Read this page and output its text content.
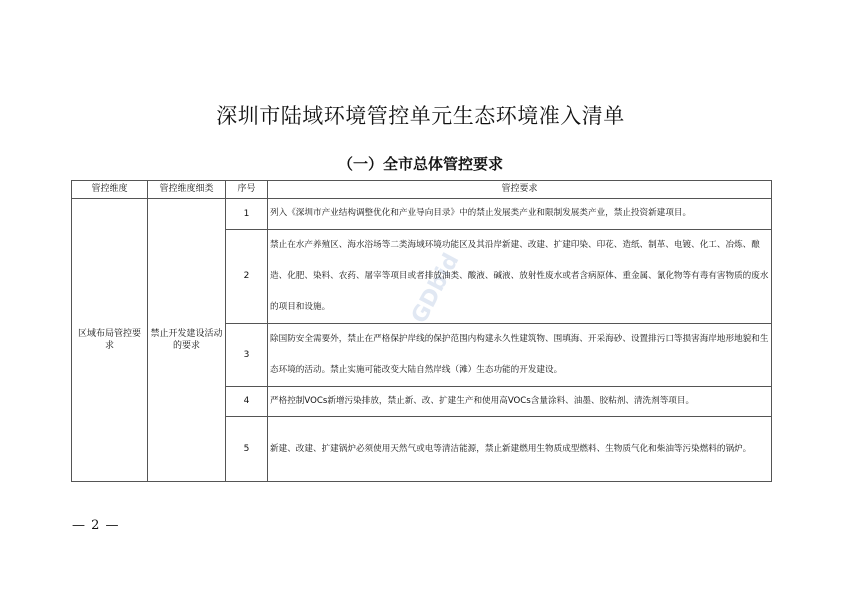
深圳市陆域环境管控单元生态环境准入清单
（一）全市总体管控要求
GDbid
管控维度	管控维度细类	序号	管控要求
区域布局管控要求	禁止开发建设活动的要求	1	列入《深圳市产业结构调整优化和产业导向目录》中的禁止发展类产业和限制发展类产业，禁止投资新建项目。
		2	禁止在水产养殖区、海水浴场等二类海域环境功能区及其沿岸新建、改建、扩建印染、印花、造纸、制革、电镀、化工、冶炼、酿造、化肥、染料、农药、屠宰等项目或者排放油类、酸液、碱液、放射性废水或者含病原体、重金属、氰化物等有毒有害物质的废水的项目和设施。
		3	除国防安全需要外，禁止在严格保护岸线的保护范围内构建永久性建筑物、围填海、开采海砂、设置排污口等损害海岸地形地貌和生态环境的活动。禁止实施可能改变大陆自然岸线（滩）生态功能的开发建设。
		4	严格控制VOCs新增污染排放，禁止新、改、扩建生产和使用高VOCs含量涂料、油墨、胶粘剂、清洗剂等项目。
		5	新建、改建、扩建锅炉必须使用天然气或电等清洁能源，禁止新建燃用生物质成型燃料、生物质气化和柴油等污染燃料的锅炉。
— 2 —
